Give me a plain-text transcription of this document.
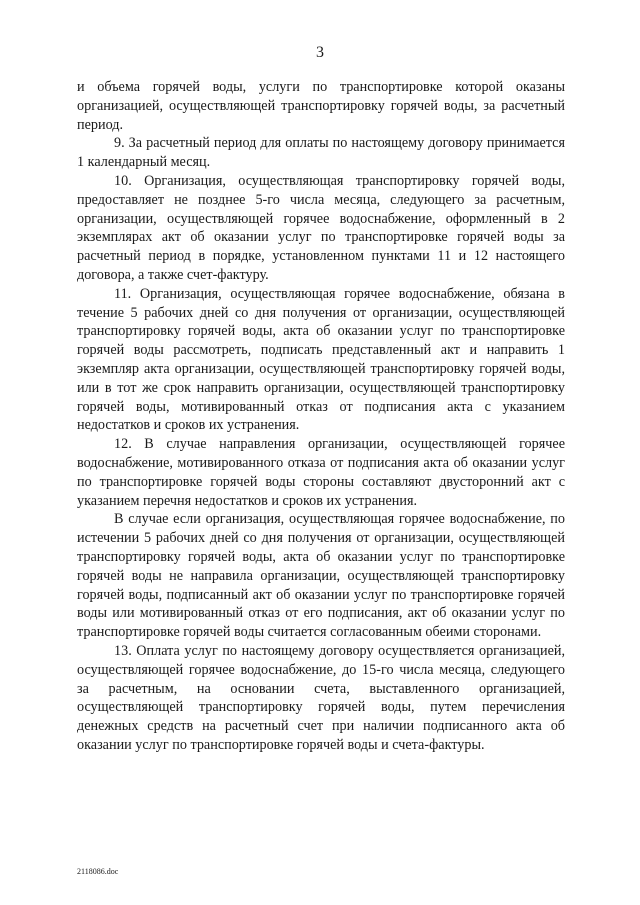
3

и объема горячей воды, услуги по транспортировке которой оказаны организацией, осуществляющей транспортировку горячей воды, за расчетный период.

9. За расчетный период для оплаты по настоящему договору принимается 1 календарный месяц.

10. Организация, осуществляющая транспортировку горячей воды, предоставляет не позднее 5-го числа месяца, следующего за расчетным, организации, осуществляющей горячее водоснабжение, оформленный в 2 экземплярах акт об оказании услуг по транспортировке горячей воды за расчетный период в порядке, установленном пунктами 11 и 12 настоящего договора, а также счет-фактуру.

11. Организация, осуществляющая горячее водоснабжение, обязана в течение 5 рабочих дней со дня получения от организации, осуществляющей транспортировку горячей воды, акта об оказании услуг по транспортировке горячей воды рассмотреть, подписать представленный акт и направить 1 экземпляр акта организации, осуществляющей транспортировку горячей воды, или в тот же срок направить организации, осуществляющей транспортировку горячей воды, мотивированный отказ от подписания акта с указанием недостатков и сроков их устранения.

12. В случае направления организации, осуществляющей горячее водоснабжение, мотивированного отказа от подписания акта об оказании услуг по транспортировке горячей воды стороны составляют двусторонний акт с указанием перечня недостатков и сроков их устранения.

В случае если организация, осуществляющая горячее водоснабжение, по истечении 5 рабочих дней со дня получения от организации, осуществляющей транспортировку горячей воды, акта об оказании услуг по транспортировке горячей воды не направила организации, осуществляющей транспортировку горячей воды, подписанный акт об оказании услуг по транспортировке горячей воды или мотивированный отказ от его подписания, акт об оказании услуг по транспортировке горячей воды считается согласованным обеими сторонами.

13. Оплата услуг по настоящему договору осуществляется организацией, осуществляющей горячее водоснабжение, до 15-го числа месяца, следующего за расчетным, на основании счета, выставленного организацией, осуществляющей транспортировку горячей воды, путем перечисления денежных средств на расчетный счет при наличии подписанного акта об оказании услуг по транспортировке горячей воды и счета-фактуры.

2118086.doc
